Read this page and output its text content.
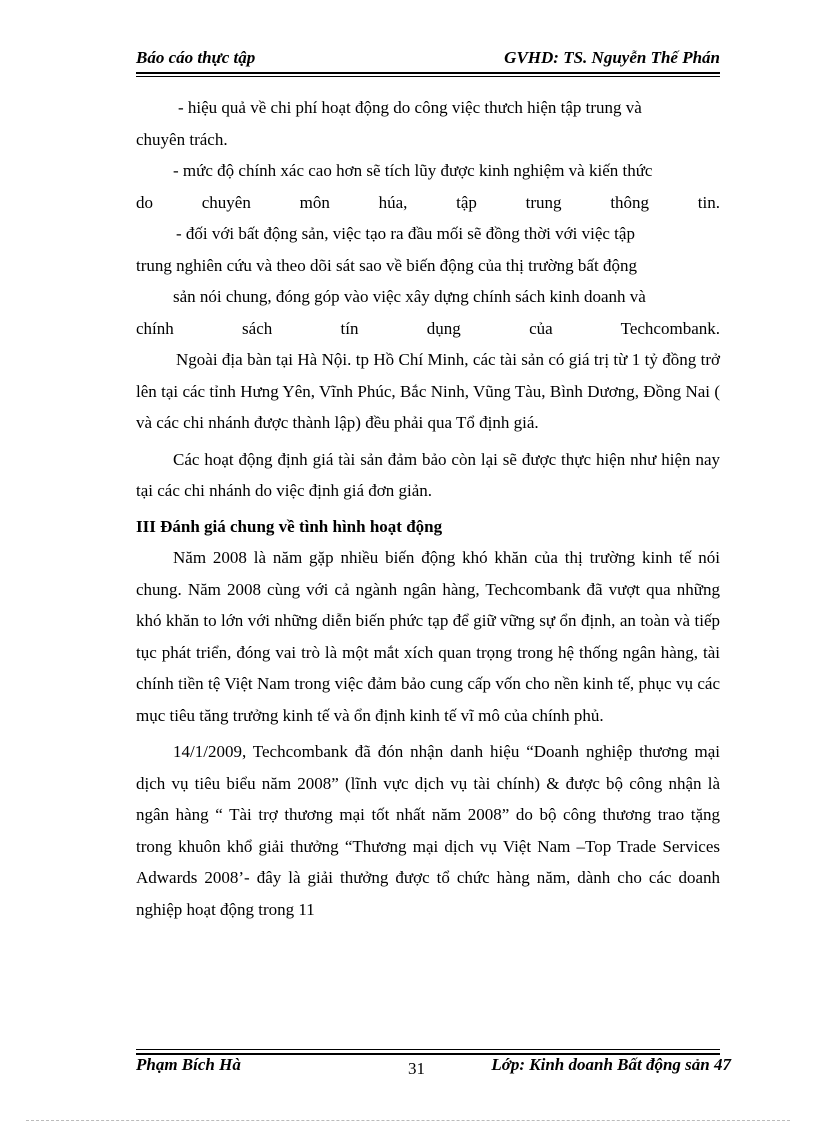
Báo cáo thực tập	GVHD: TS. Nguyễn Thế Phán

- hiệu quả về chi phí hoạt động do công việc thưch hiện tập trung và

chuyên trách.

- mức độ chính xác cao hơn sẽ tích lũy được kinh nghiệm và kiến thức

do chuyên môn húa, tập trung thông tin.

- đối với bất động sản, việc tạo ra đầu mối sẽ đồng thời với việc tập

trung nghiên cứu và theo dõi sát sao về biến động của thị trường bất động

sản nói chung, đóng góp vào việc xây dựng chính sách kinh doanh và

chính sách tín dụng của Techcombank.

Ngoài địa bàn tại Hà Nội. tp Hồ Chí Minh, các tài sản có giá trị từ 1 tỷ đồng trở lên tại các tỉnh Hưng Yên, Vĩnh Phúc, Bắc Ninh, Vũng Tàu, Bình Dương, Đồng Nai ( và các chi nhánh được thành lập) đều phải qua Tổ định giá.

Các hoạt động định giá tài sản đảm bảo còn lại sẽ được thực hiện như hiện nay tại các chi nhánh do việc định giá đơn giản.

III Đánh giá chung về tình hình hoạt động

Năm 2008 là năm gặp nhiều biến động khó khăn của thị trường kinh tế nói chung. Năm 2008 cùng với cả ngành ngân hàng, Techcombank đã vượt qua những khó khăn to lớn với những diễn biến phức tạp để giữ vững sự ổn định, an toàn và tiếp tục phát triển, đóng vai trò là một mắt xích quan trọng trong hệ thống ngân hàng, tài chính tiền tệ Việt Nam trong việc đảm bảo cung cấp vốn cho nền kinh tế, phục vụ các mục tiêu tăng trưởng kinh tế và ổn định kinh tế vĩ mô của chính phủ.

14/1/2009, Techcombank đã đón nhận danh hiệu “Doanh nghiệp thương mại dịch vụ tiêu biểu năm 2008” (lĩnh vực dịch vụ tài chính) & được bộ công nhận là ngân hàng “ Tài trợ thương mại tốt nhất năm 2008” do bộ công thương trao tặng trong khuôn khổ giải thưởng “Thương mại dịch vụ Việt Nam –Top Trade Services Adwards 2008’- đây là giải thưởng được tổ chức hàng năm, dành cho các doanh nghiệp hoạt động trong 11

Phạm Bích Hà	31	Lớp: Kinh doanh Bất động sản 47
